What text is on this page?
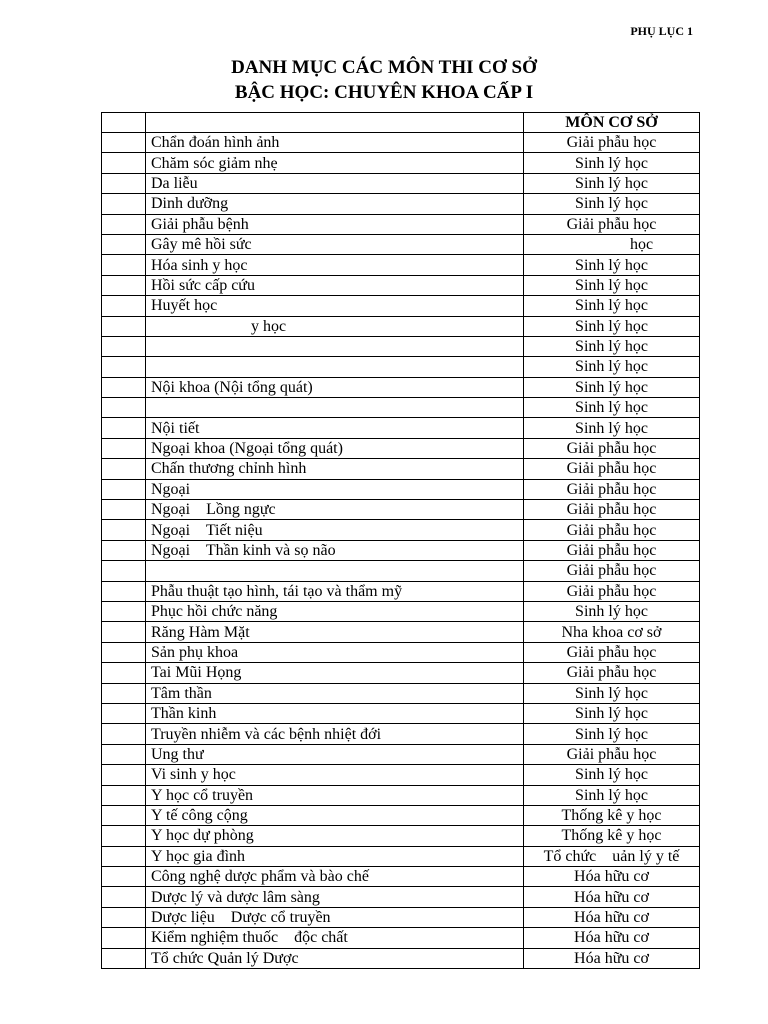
PHỤ LỤC 1
DANH MỤC CÁC MÔN THI CƠ SỞ
BẬC HỌC: CHUYÊN KHOA CẤP I
		MÔN CƠ SỞ
	Chẩn đoán hình ảnh	Giải phẫu học
	Chăm sóc giảm nhẹ	Sinh lý học
	Da liễu	Sinh lý học
	Dinh dưỡng	Sinh lý học
	Giải phẫu bệnh	Giải phẫu học
	Gây mê hồi sức	học
	Hóa sinh y học	Sinh lý học
	Hồi sức cấp cứu	Sinh lý học
	Huyết học	Sinh lý học
	y học	Sinh lý học
		Sinh lý học
		Sinh lý học
	Nội khoa (Nội tổng quát)	Sinh lý học
		Sinh lý học
	Nội tiết	Sinh lý học
	Ngoại khoa (Ngoại tổng quát)	Giải phẫu học
	Chấn thương chỉnh hình	Giải phẫu học
	Ngoại	Giải phẫu học
	Ngoại    Lồng ngực	Giải phẫu học
	Ngoại    Tiết niệu	Giải phẫu học
	Ngoại    Thần kinh và sọ não	Giải phẫu học
		Giải phẫu học
	Phẫu thuật tạo hình, tái tạo và thẩm mỹ	Giải phẫu học
	Phục hồi chức năng	Sinh lý học
	Răng Hàm Mặt	Nha khoa cơ sở
	Sản phụ khoa	Giải phẫu học
	Tai Mũi Họng	Giải phẫu học
	Tâm thần	Sinh lý học
	Thần kinh	Sinh lý học
	Truyền nhiễm và các bệnh nhiệt đới	Sinh lý học
	Ung thư	Giải phẫu học
	Vi sinh y học	Sinh lý học
	Y học cổ truyền	Sinh lý học
	Y tế công cộng	Thống kê y học
	Y học dự phòng	Thống kê y học
	Y học gia đình	Tổ chức    uản lý y tế
	Công nghệ dược phẩm và bào chế	Hóa hữu cơ
	Dược lý và dược lâm sàng	Hóa hữu cơ
	Dược liệu    Dược cổ truyền	Hóa hữu cơ
	Kiểm nghiệm thuốc    độc chất	Hóa hữu cơ
	Tổ chức Quản lý Dược	Hóa hữu cơ
